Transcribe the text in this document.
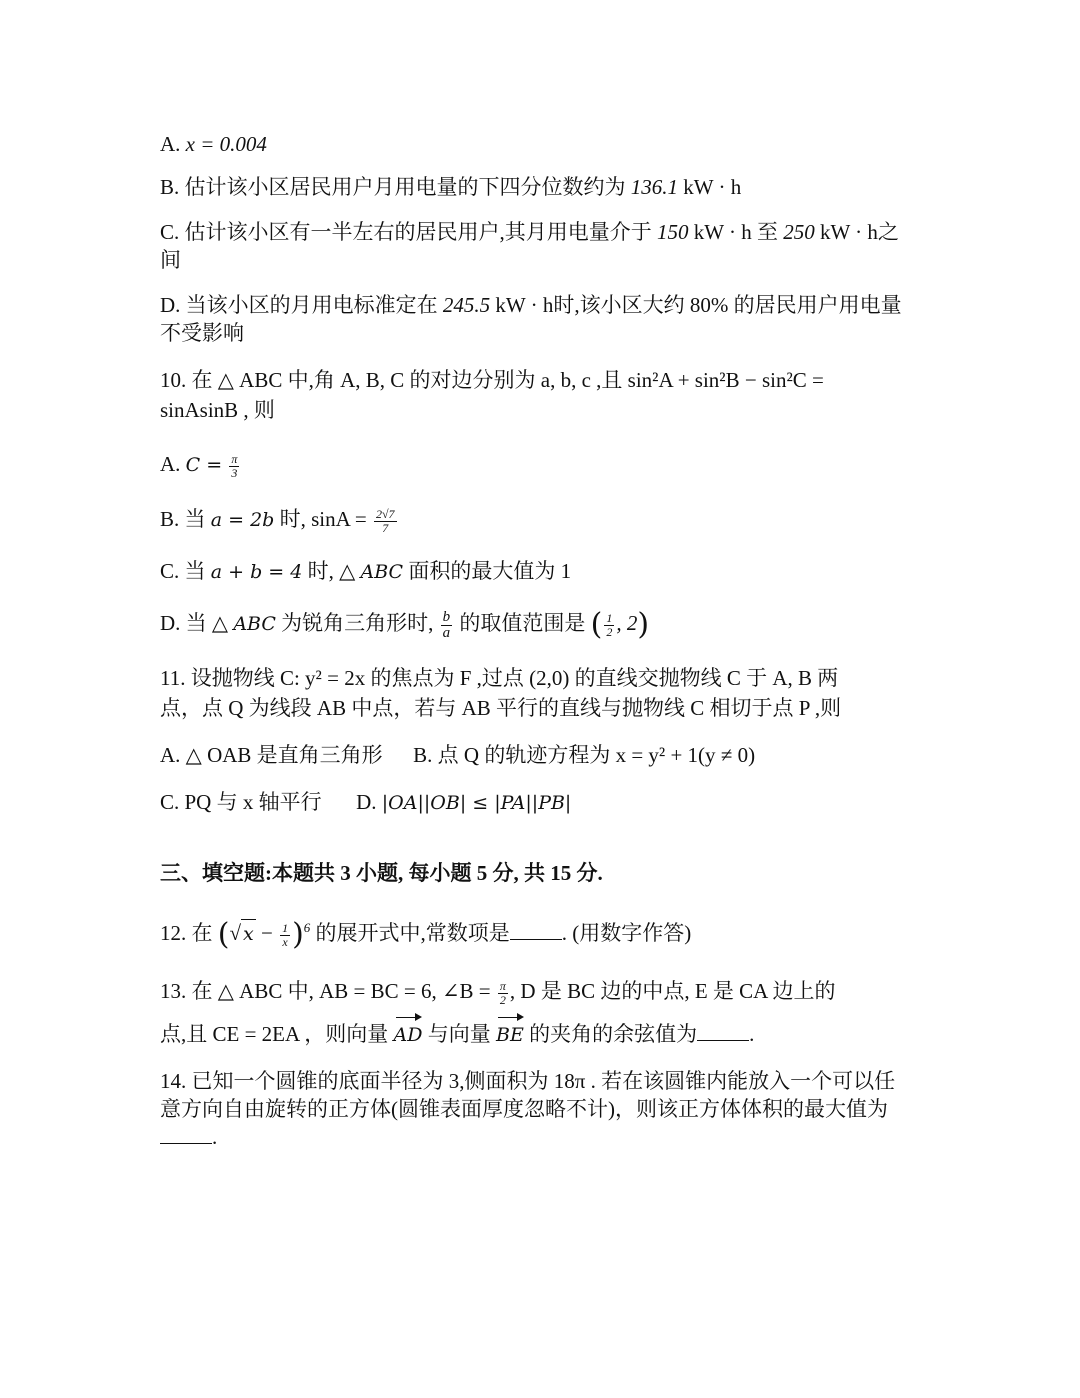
A. x = 0.004
B. 估计该小区居民用户月用电量的下四分位数约为 136.1 kW · h
C. 估计该小区有一半左右的居民用户,其月用电量介于 150 kW · h 至 250 kW · h之
间
D. 当该小区的月用电标准定在 245.5 kW · h时,该小区大约 80% 的居民用户用电量
不受影响
10. 在 △ ABC 中,角 A, B, C 的对边分别为 a, b, c ,且 sin²A + sin²B − sin²C =
sinAsinB , 则
A. $C = \frac{\pi}{3}$
B. 当 a = 2b 时, $\sin A = \frac{2√7}{7}$
C. 当 a + b = 4 时, △ ABC 面积的最大值为 1
D. 当 △ ABC 为锐角三角形时, $\frac{b}{a}$ 的取值范围是 ( $\frac{1}{2}$ , 2)
11. 设抛物线 C: y² = 2x 的焦点为 F ,过点 (2,0) 的直线交抛物线 C 于 A, B 两
点，点 Q 为线段 AB 中点，若与 AB 平行的直线与抛物线 C 相切于点 P ,则
A. △ OAB 是直角三角形 B. 点 Q 的轨迹方程为 x = y² + 1(y ≠ 0)
C. PQ 与 x 轴平行 D. |OA||OB| ≤ |PA||PB|
三、填空题:本题共 3 小题, 每小题 5 分, 共 15 分.
12. 在 (√ $x - \frac{1}{x} )^6$ 的展开式中,常数项是 . (用数字作答)
13. 在 △ ABC 中, AB = BC = 6, ∠B = $\frac{\pi}{2}$ , D 是 BC 边的中点, E 是 CA 边上的
点,且 CE = 2EA ，则向量 AD 与向量 BE 的夹角的余弦值为 .
14. 已知一个圆锥的底面半径为 3,侧面积为 18π . 若在该圆锥内能放入一个可以任
意方向自由旋转的正方体(圆锥表面厚度忽略不计)，则该正方体体积的最大值为
.
